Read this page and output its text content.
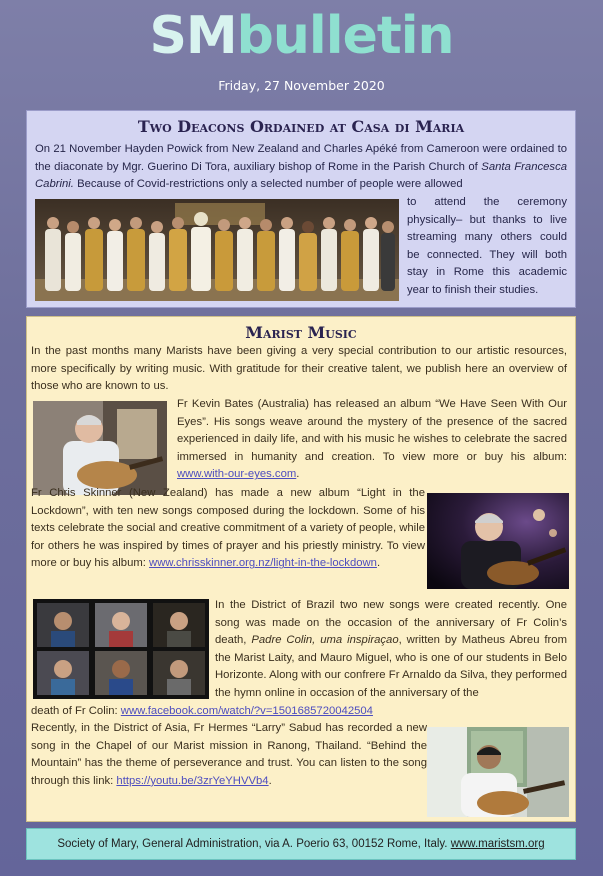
SMbulletin
Friday, 27 November 2020
Two Deacons Ordained at Casa di Maria

On 21 November Hayden Powick from New Zealand and Charles Apéké from Cameroon were ordained to the diaconate by Mgr. Guerino Di Tora, auxiliary bishop of Rome in the Parish Church of Santa Francesca Cabrini. Because of Covid-restrictions only a selected number of people were allowed

to attend the ceremony physically– but thanks to live streaming many others could be connected. They will both stay in Rome this academic year to finish their studies.

Marist Music

In the past months many Marists have been giving a very special contribution to our artistic resources, more specifically by writing music. With gratitude for their creative talent, we publish here an overview of those who are known to us.

Fr Kevin Bates (Australia) has released an album “We Have Seen With Our Eyes”. His songs weave around the mystery of the presence of the sacred experienced in daily life, and with his music he wishes to celebrate the sacred immersed in humanity and creation. To view more or buy his album: www.with-our-eyes.com.

Fr Chris Skinner (New Zealand) has made a new album “Light in the Lockdown”, with ten new songs composed during the lockdown. Some of his texts celebrate the social and creative commitment of a variety of people, while for others he was inspired by times of prayer and his priestly ministry. To view more or buy his album: www.chrisskinner.org.nz/light-in-the-lockdown.

In the District of Brazil two new songs were created recently. One song was made on the occasion of the anniversary of Fr Colin’s death, Padre Colin, uma inspiraçao, written by Matheus Abreu from the Marist Laity, and Mauro Miguel, who is one of our students in Belo Horizonte. Along with our confrere Fr Arnaldo da Silva, they performed the hymn online in occasion of the anniversary of the

death of Fr Colin: www.facebook.com/watch/?v=1501685720042504

Recently, in the District of Asia, Fr Hermes “Larry” Sabud has recorded a new song in the Chapel of our Marist mission in Ranong, Thailand. “Behind the Mountain” has the theme of perseverance and trust. You can listen to the song through this link: https://youtu.be/3zrYeYHVVb4.

Society of Mary, General Administration, via A. Poerio 63, 00152 Rome, Italy. www.maristsm.org
